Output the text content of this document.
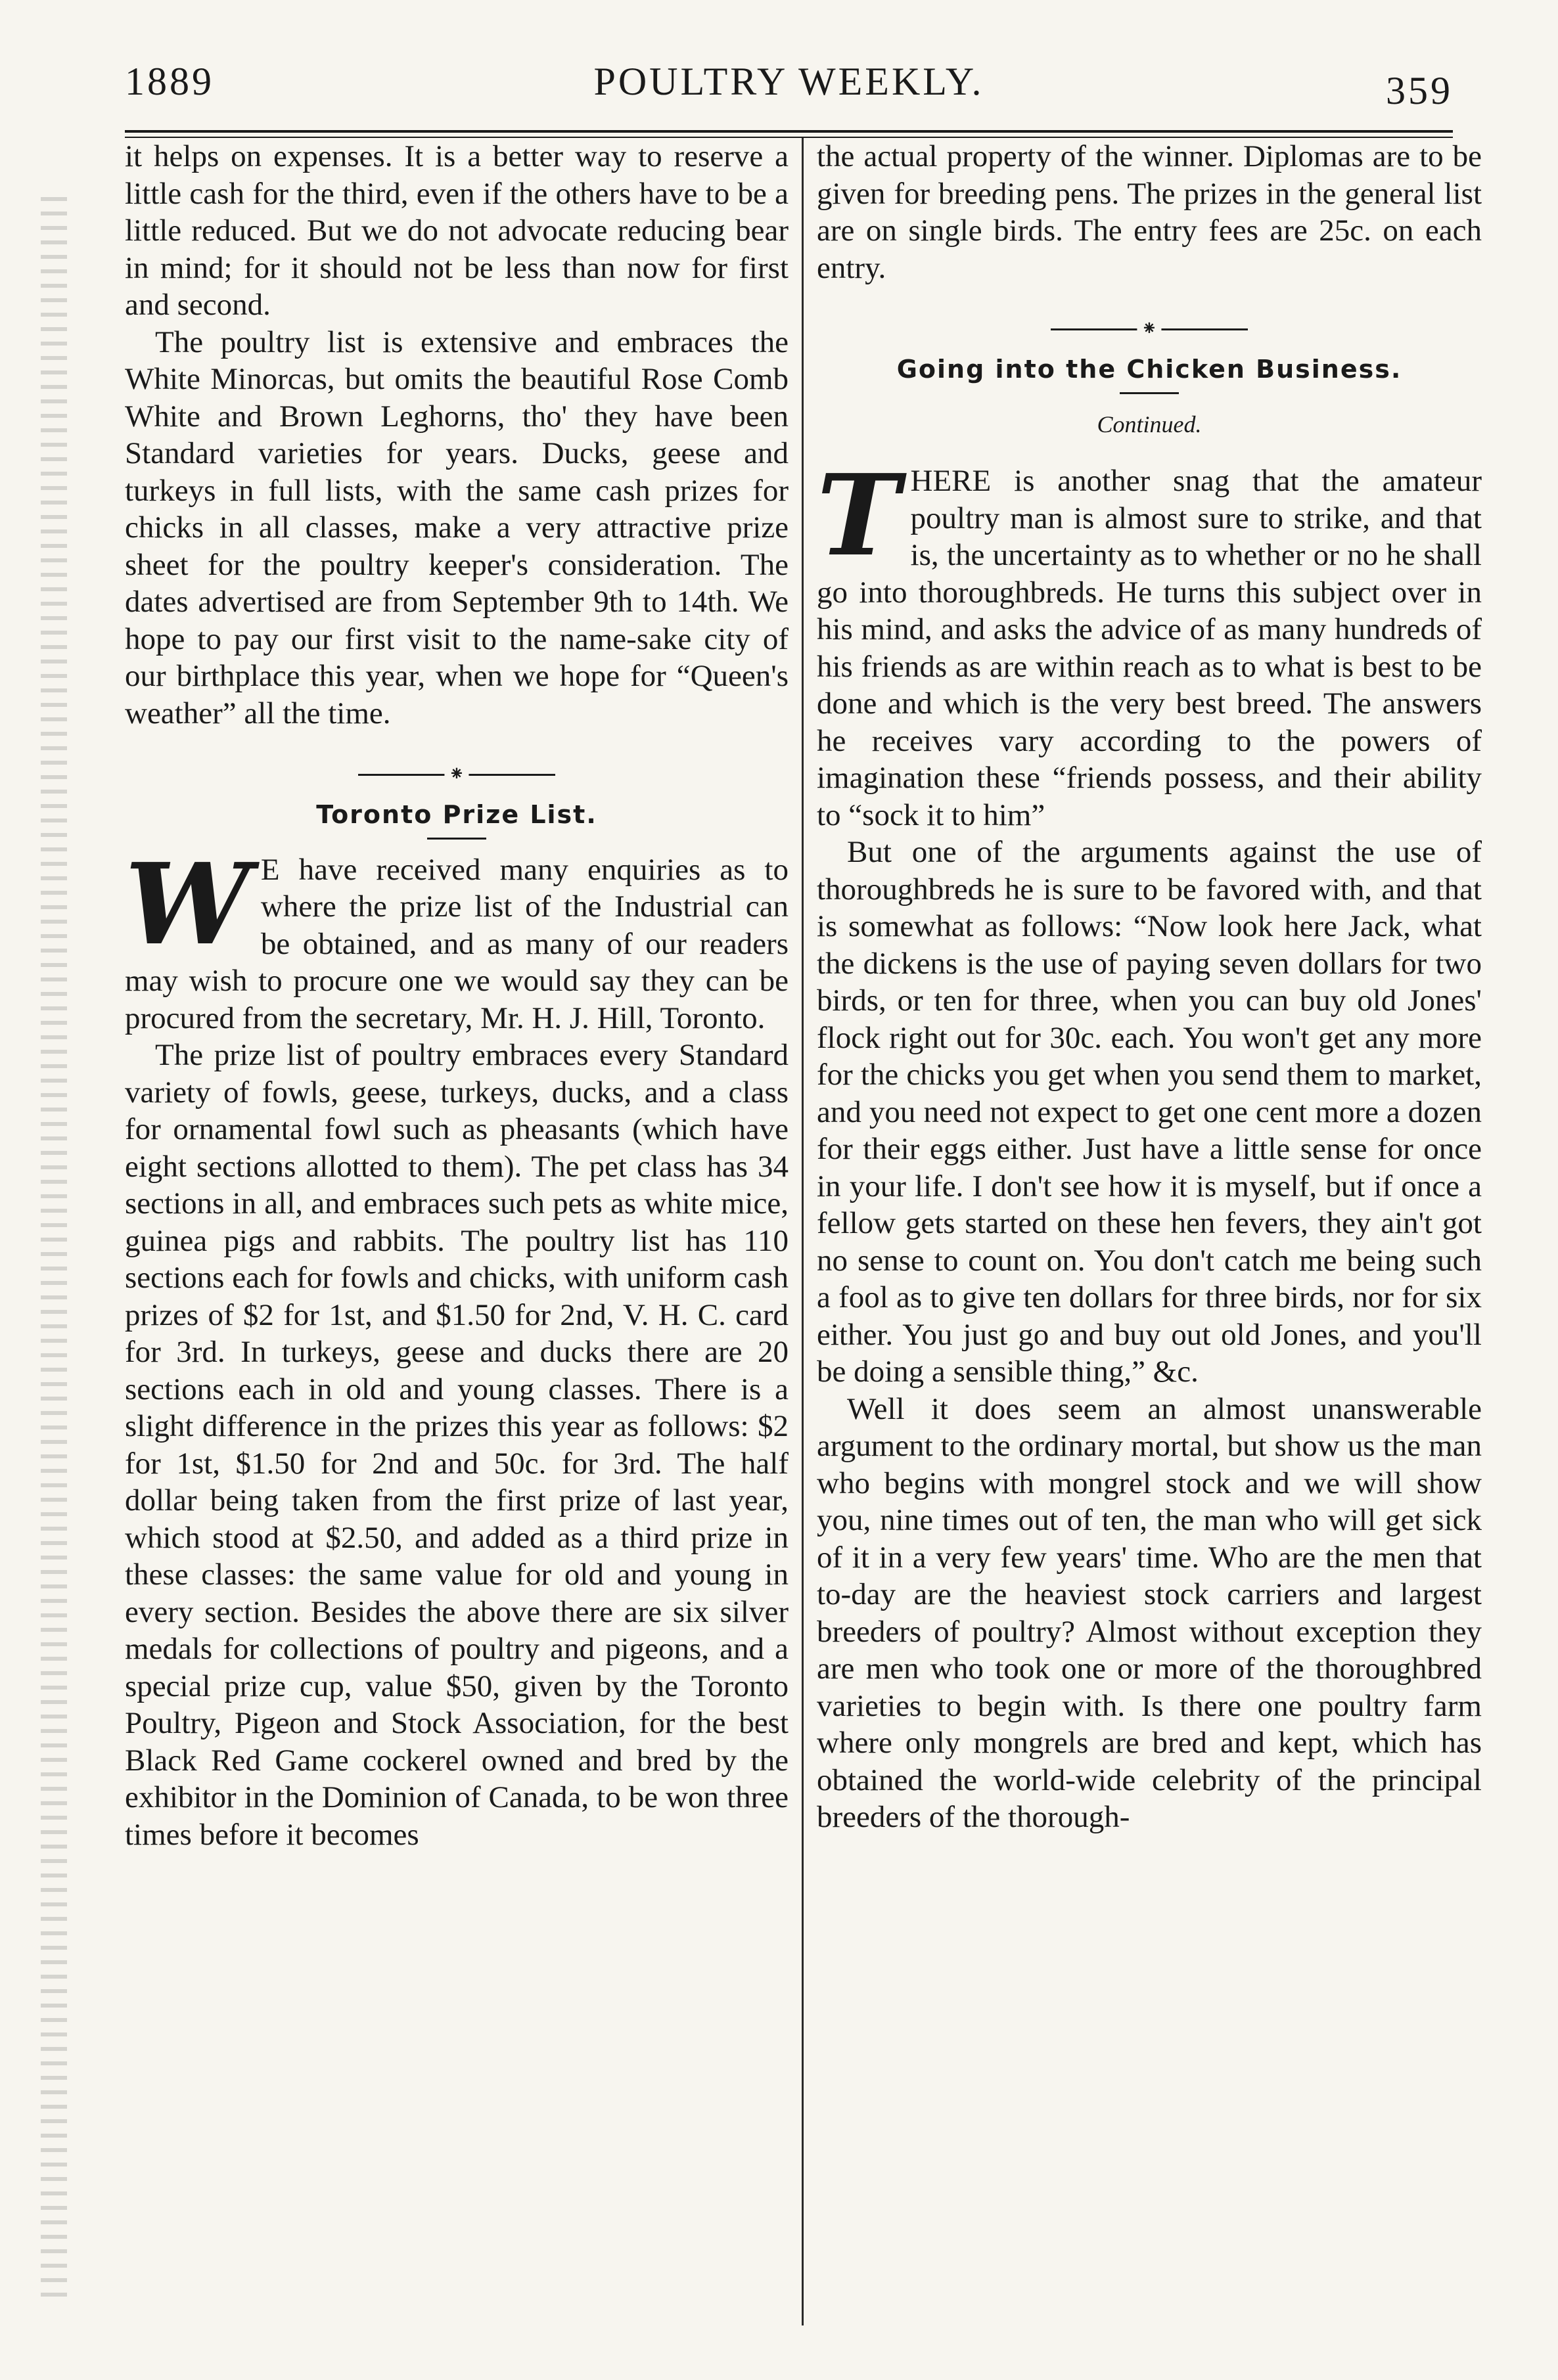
1889	POULTRY WEEKLY.	359

it helps on expenses. It is a better way to reserve a little cash for the third, even if the others have to be a little reduced. But we do not advocate reducing bear in mind; for it should not be less than now for first and second.

The poultry list is extensive and embraces the White Minorcas, but omits the beautiful Rose Comb White and Brown Leghorns, tho' they have been Standard varieties for years. Ducks, geese and turkeys in full lists, with the same cash prizes for chicks in all classes, make a very attractive prize sheet for the poultry keeper's consideration. The dates advertised are from September 9th to 14th. We hope to pay our first visit to the name-sake city of our birthplace this year, when we hope for “Queen's weather” all the time.

⁕
Toronto Prize List.

W E have received many enquiries as to where the prize list of the Industrial can be obtained, and as many of our readers may wish to procure one we would say they can be procured from the secretary, Mr. H. J. Hill, Toronto.

The prize list of poultry embraces every Standard variety of fowls, geese, turkeys, ducks, and a class for ornamental fowl such as pheasants (which have eight sections allotted to them). The pet class has 34 sections in all, and embraces such pets as white mice, guinea pigs and rabbits. The poultry list has 110 sections each for fowls and chicks, with uniform cash prizes of $2 for 1st, and $1.50 for 2nd, V. H. C. card for 3rd. In turkeys, geese and ducks there are 20 sections each in old and young classes. There is a slight difference in the prizes this year as follows: $2 for 1st, $1.50 for 2nd and 50c. for 3rd. The half dollar being taken from the first prize of last year, which stood at $2.50, and added as a third prize in these classes: the same value for old and young in every section. Besides the above there are six silver medals for collections of poultry and pigeons, and a special prize cup, value $50, given by the Toronto Poultry, Pigeon and Stock Association, for the best Black Red Game cockerel owned and bred by the exhibitor in the Dominion of Canada, to be won three times before it becomes

the actual property of the winner. Diplomas are to be given for breeding pens. The prizes in the general list are on single birds. The entry fees are 25c. on each entry.

⁕
Going into the Chicken Business.
Continued.

THERE is another snag that the amateur poultry man is almost sure to strike, and that is, the uncertainty as to whether or no he shall go into thoroughbreds. He turns this subject over in his mind, and asks the advice of as many hundreds of his friends as are within reach as to what is best to be done and which is the very best breed. The answers he receives vary according to the powers of imagination these “friends possess, and their ability to “sock it to him”

But one of the arguments against the use of thoroughbreds he is sure to be favored with, and that is somewhat as follows: “Now look here Jack, what the dickens is the use of paying seven dollars for two birds, or ten for three, when you can buy old Jones' flock right out for 30c. each. You won't get any more for the chicks you get when you send them to market, and you need not expect to get one cent more a dozen for their eggs either. Just have a little sense for once in your life. I don't see how it is myself, but if once a fellow gets started on these hen fevers, they ain't got no sense to count on. You don't catch me being such a fool as to give ten dollars for three birds, nor for six either. You just go and buy out old Jones, and you'll be doing a sensible thing,” &c.

Well it does seem an almost unanswerable argument to the ordinary mortal, but show us the man who begins with mongrel stock and we will show you, nine times out of ten, the man who will get sick of it in a very few years' time. Who are the men that to-day are the heaviest stock carriers and largest breeders of poultry? Almost without exception they are men who took one or more of the thoroughbred varieties to begin with. Is there one poultry farm where only mongrels are bred and kept, which has obtained the world-wide celebrity of the principal breeders of the thorough-
